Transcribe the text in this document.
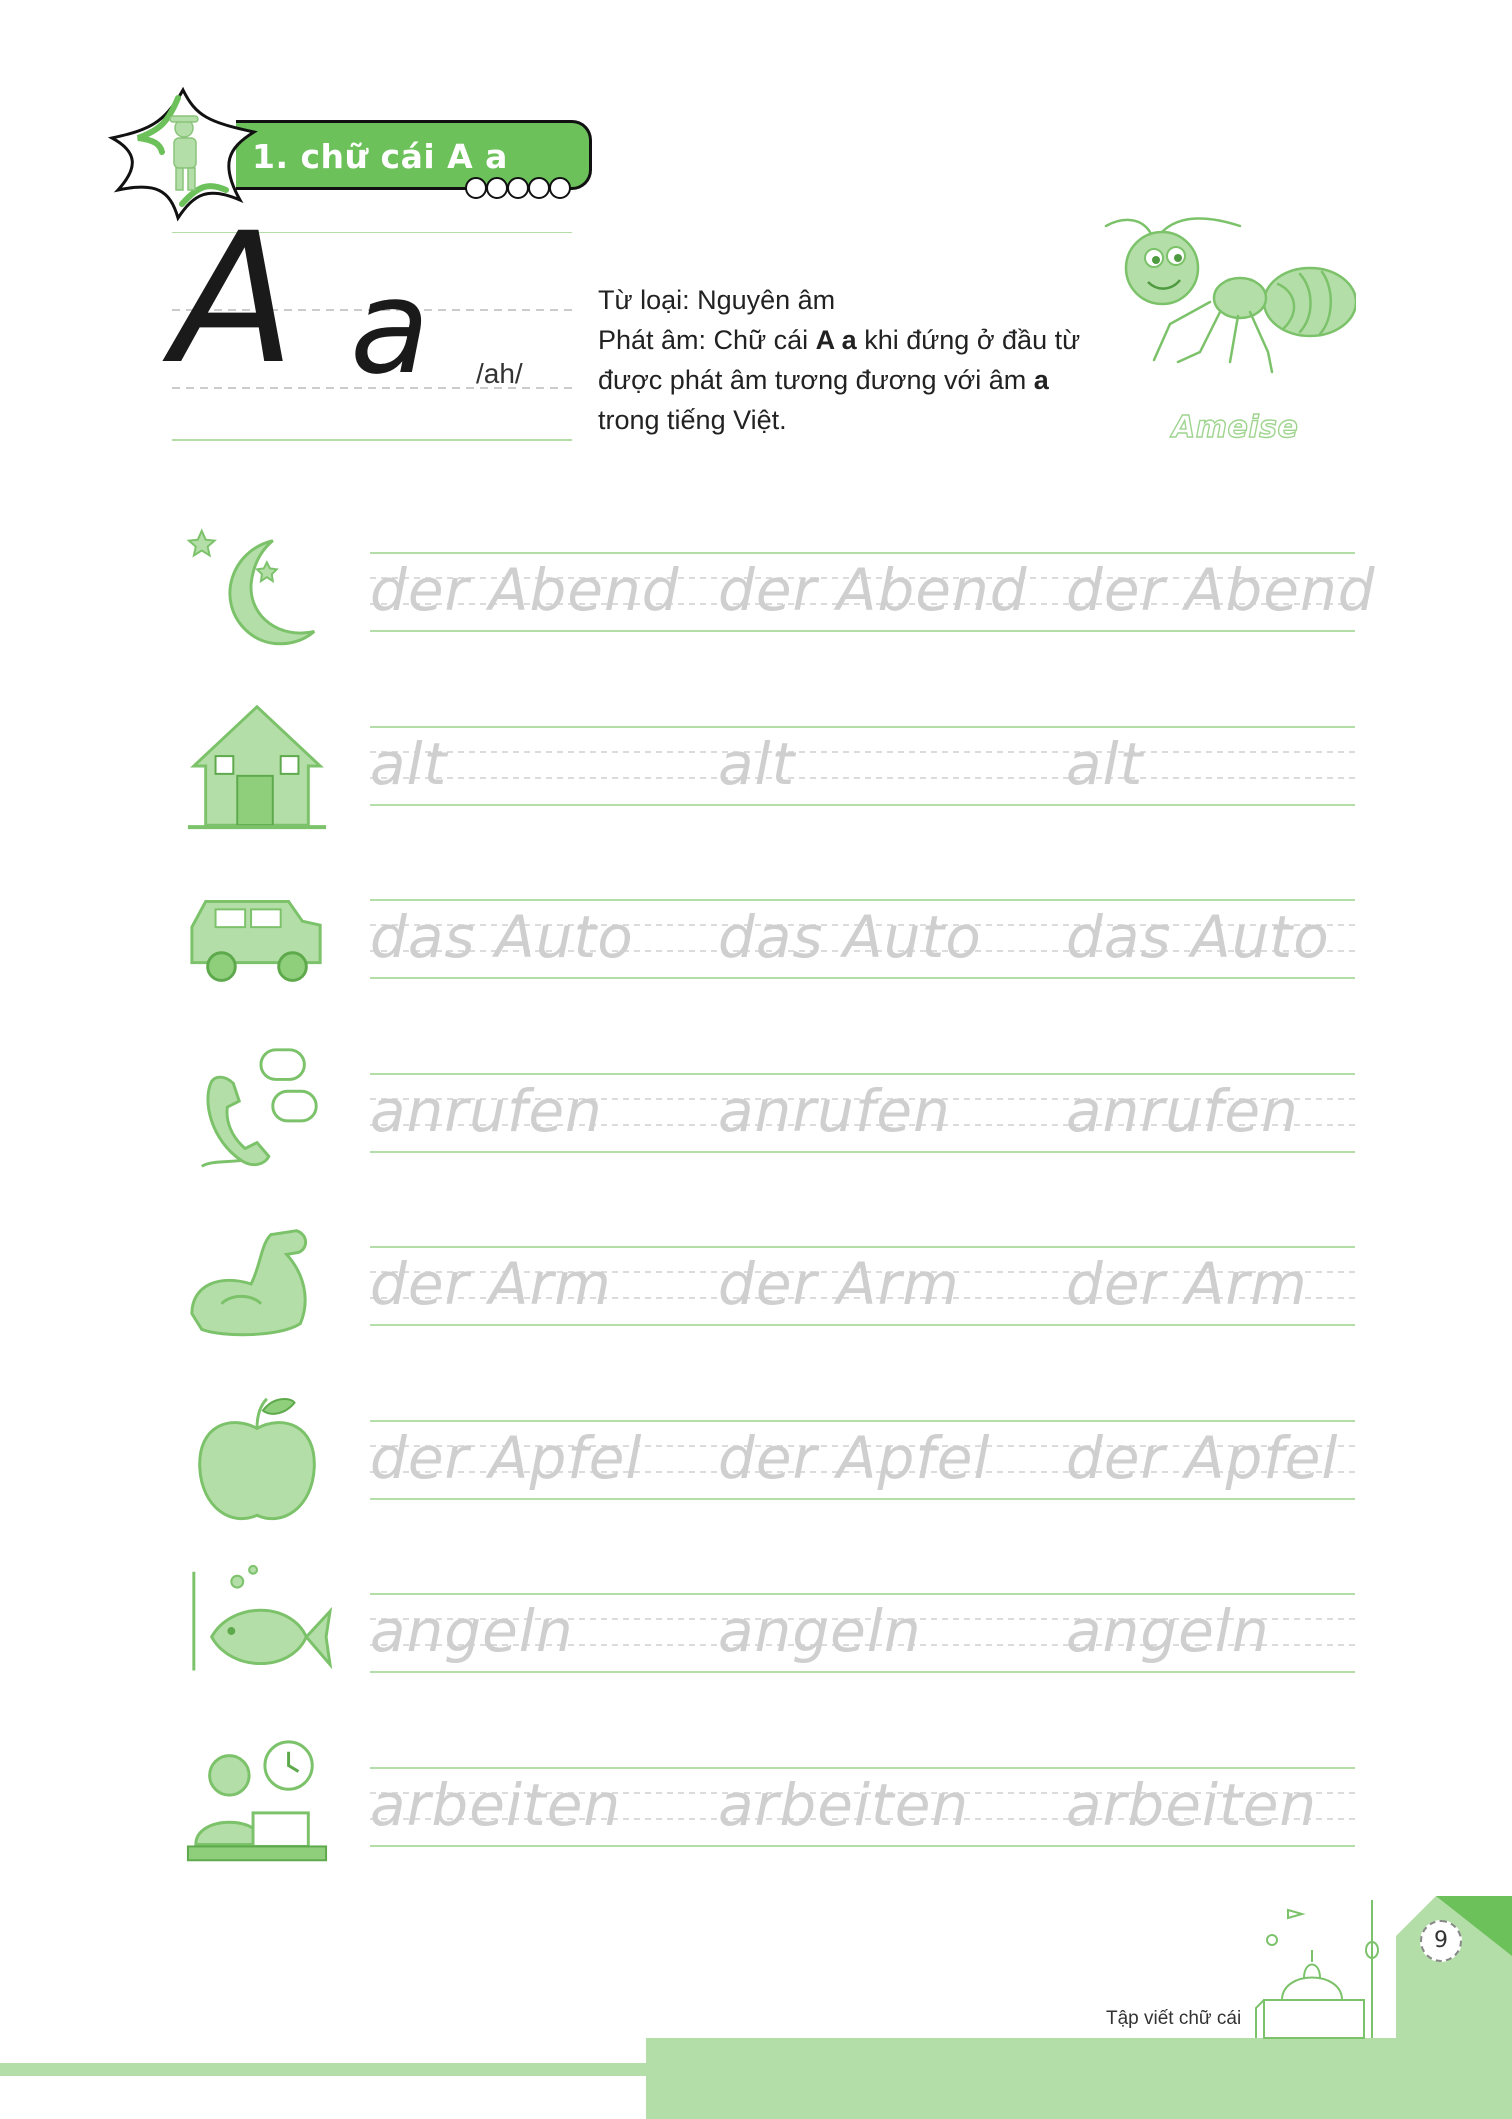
1. chữ cái A a
A a /ah/

Từ loại: Nguyên âm

Phát âm: Chữ cái A a khi đứng ở đầu từ được phát âm tương đương với âm a trong tiếng Việt.	Ameise
der Abend der Abend der Abend
alt	alt	alt
das Auto das Auto das Auto
anrufen anrufen anrufen
der Arm der Arm der Arm
der Apfel der Apfel der Apfel
angeln angeln angeln
arbeiten arbeiten arbeiten
Tập viết chữ cái
9
